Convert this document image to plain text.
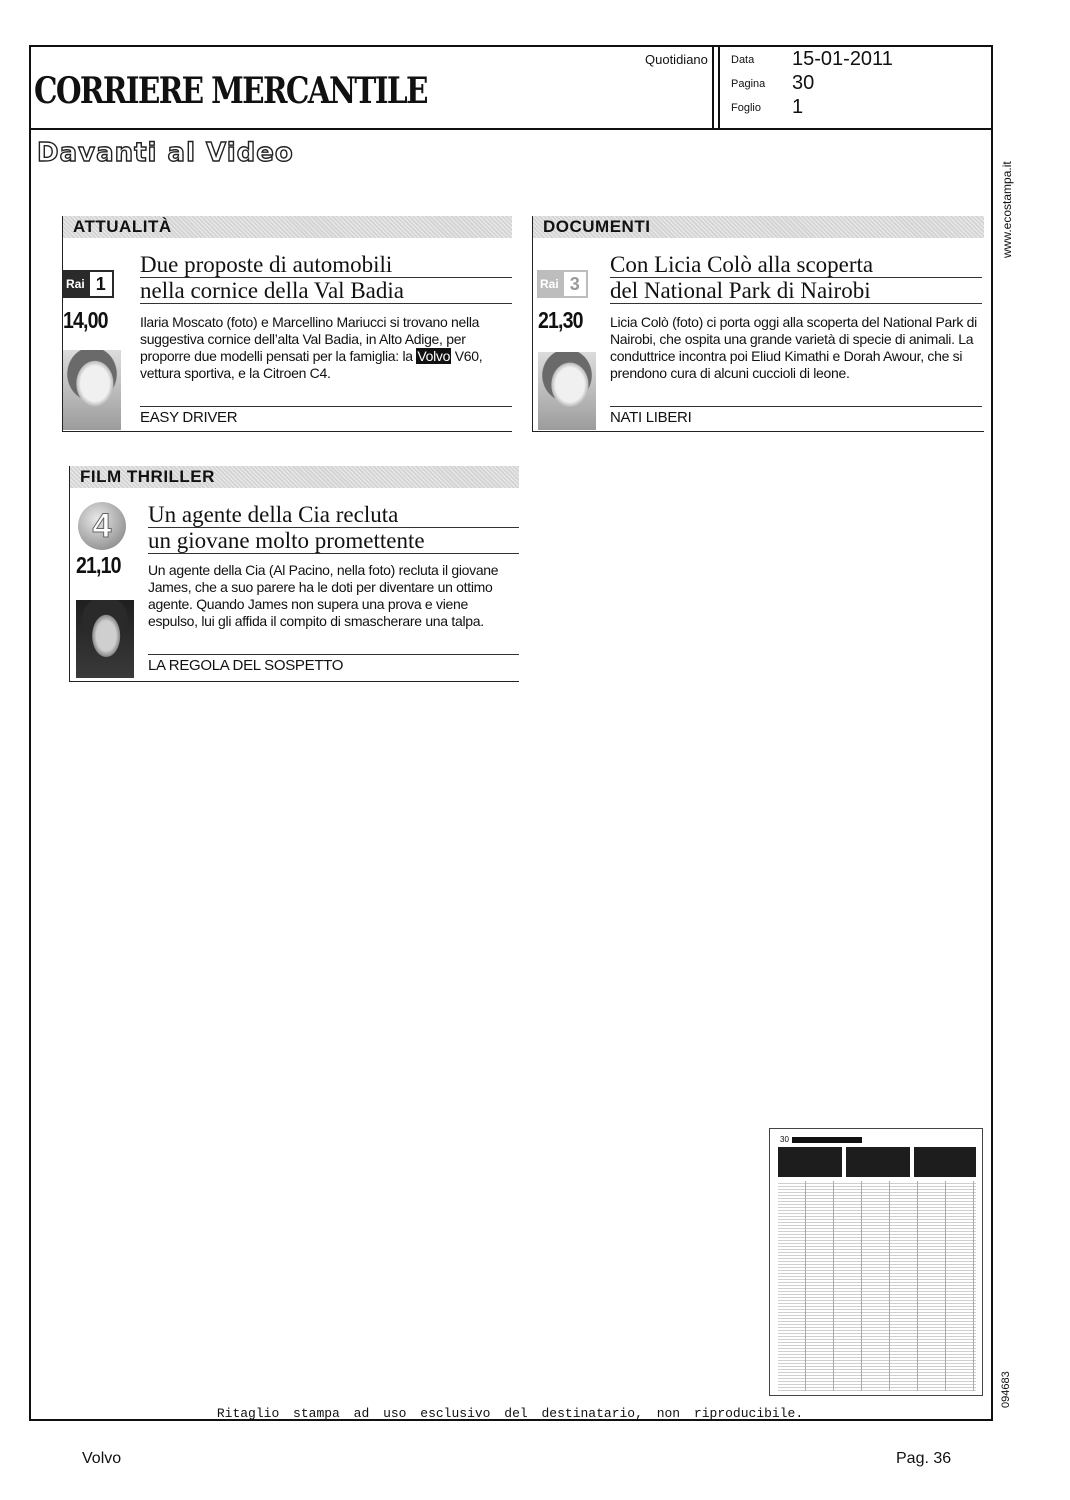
CORRIERE MERCANTILE
Quotidiano Data 15-01-2011
Pagina 30
Foglio 1
Davanti al Video
www.ecostampa.it
094683
ATTUALITÀ
Rai 1
14,00
Due proposte di automobili
nella cornice della Val Badia
Ilaria Moscato (foto) e Marcellino Mariucci si trovano nella suggestiva cornice dell’alta Val Badia, in Alto Adige, per proporre due modelli pensati per la famiglia: la Volvo V60, vettura sportiva, e la Citroen C4.
EASY DRIVER
DOCUMENTI
Rai 3
21,30
Con Licia Colò alla scoperta
del National Park di Nairobi
Licia Colò (foto) ci porta oggi alla scoperta del National Park di Nairobi, che ospita una grande varietà di specie di animali. La conduttrice incontra poi Eliud Kimathi e Dorah Awour, che si prendono cura di alcuni cuccioli di leone.
NATI LIBERI
FILM THRILLER
4
21,10
Un agente della Cia recluta
un giovane molto promettente
Un agente della Cia (Al Pacino, nella foto) recluta il giovane James, che a suo parere ha le doti per diventare un ottimo agente. Quando James non supera una prova e viene espulso, lui gli affida il compito di smascherare una talpa.
LA REGOLA DEL SOSPETTO
30
Ritaglio stampa ad uso esclusivo del destinatario, non riproducibile.
Volvo	Pag. 36
